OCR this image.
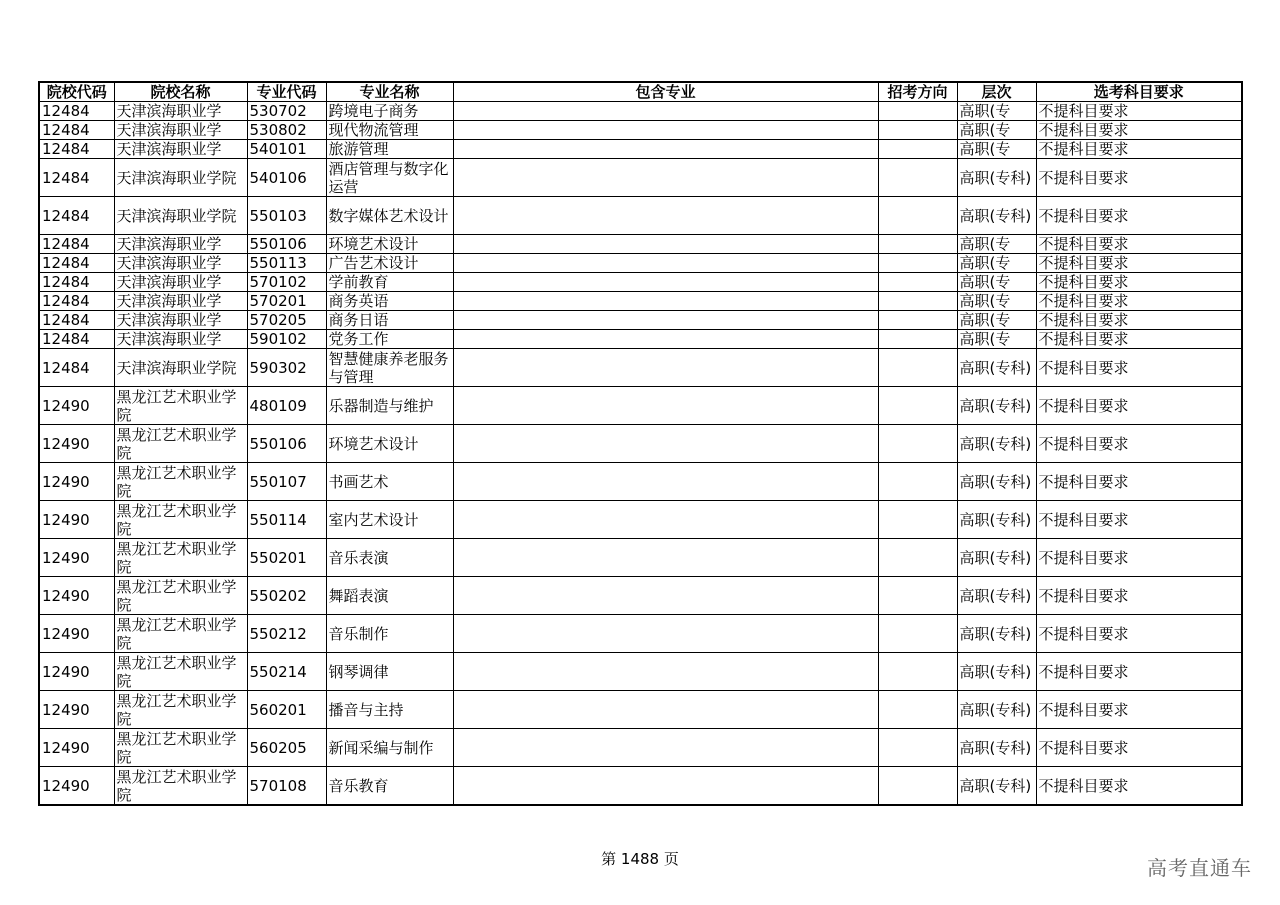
院校代码	院校名称	专业代码	专业名称	包含专业	招考方向	层次	选考科目要求

12484	天津滨海职业学	530702	跨境电子商务			高职(专	不提科目要求

12484	天津滨海职业学	530802	现代物流管理			高职(专	不提科目要求

12484	天津滨海职业学	540101	旅游管理			高职(专	不提科目要求

12484	天津滨海职业学院	540106	酒店管理与数字化运营			高职(专科)	不提科目要求

12484	天津滨海职业学院	550103	数字媒体艺术设计			高职(专科)	不提科目要求

12484	天津滨海职业学	550106	环境艺术设计			高职(专	不提科目要求

12484	天津滨海职业学	550113	广告艺术设计			高职(专	不提科目要求

12484	天津滨海职业学	570102	学前教育			高职(专	不提科目要求

12484	天津滨海职业学	570201	商务英语			高职(专	不提科目要求

12484	天津滨海职业学	570205	商务日语			高职(专	不提科目要求

12484	天津滨海职业学	590102	党务工作			高职(专	不提科目要求

12484	天津滨海职业学院	590302	智慧健康养老服务与管理			高职(专科)	不提科目要求

12490	黑龙江艺术职业学院	480109	乐器制造与维护			高职(专科)	不提科目要求

12490	黑龙江艺术职业学院	550106	环境艺术设计			高职(专科)	不提科目要求

12490	黑龙江艺术职业学院	550107	书画艺术			高职(专科)	不提科目要求

12490	黑龙江艺术职业学院	550114	室内艺术设计			高职(专科)	不提科目要求

12490	黑龙江艺术职业学院	550201	音乐表演			高职(专科)	不提科目要求

12490	黑龙江艺术职业学院	550202	舞蹈表演			高职(专科)	不提科目要求

12490	黑龙江艺术职业学院	550212	音乐制作			高职(专科)	不提科目要求

12490	黑龙江艺术职业学院	550214	钢琴调律			高职(专科)	不提科目要求

12490	黑龙江艺术职业学院	560201	播音与主持			高职(专科)	不提科目要求

12490	黑龙江艺术职业学院	560205	新闻采编与制作			高职(专科)	不提科目要求

12490	黑龙江艺术职业学院	570108	音乐教育			高职(专科)	不提科目要求
第 1488 页	高考直通车
